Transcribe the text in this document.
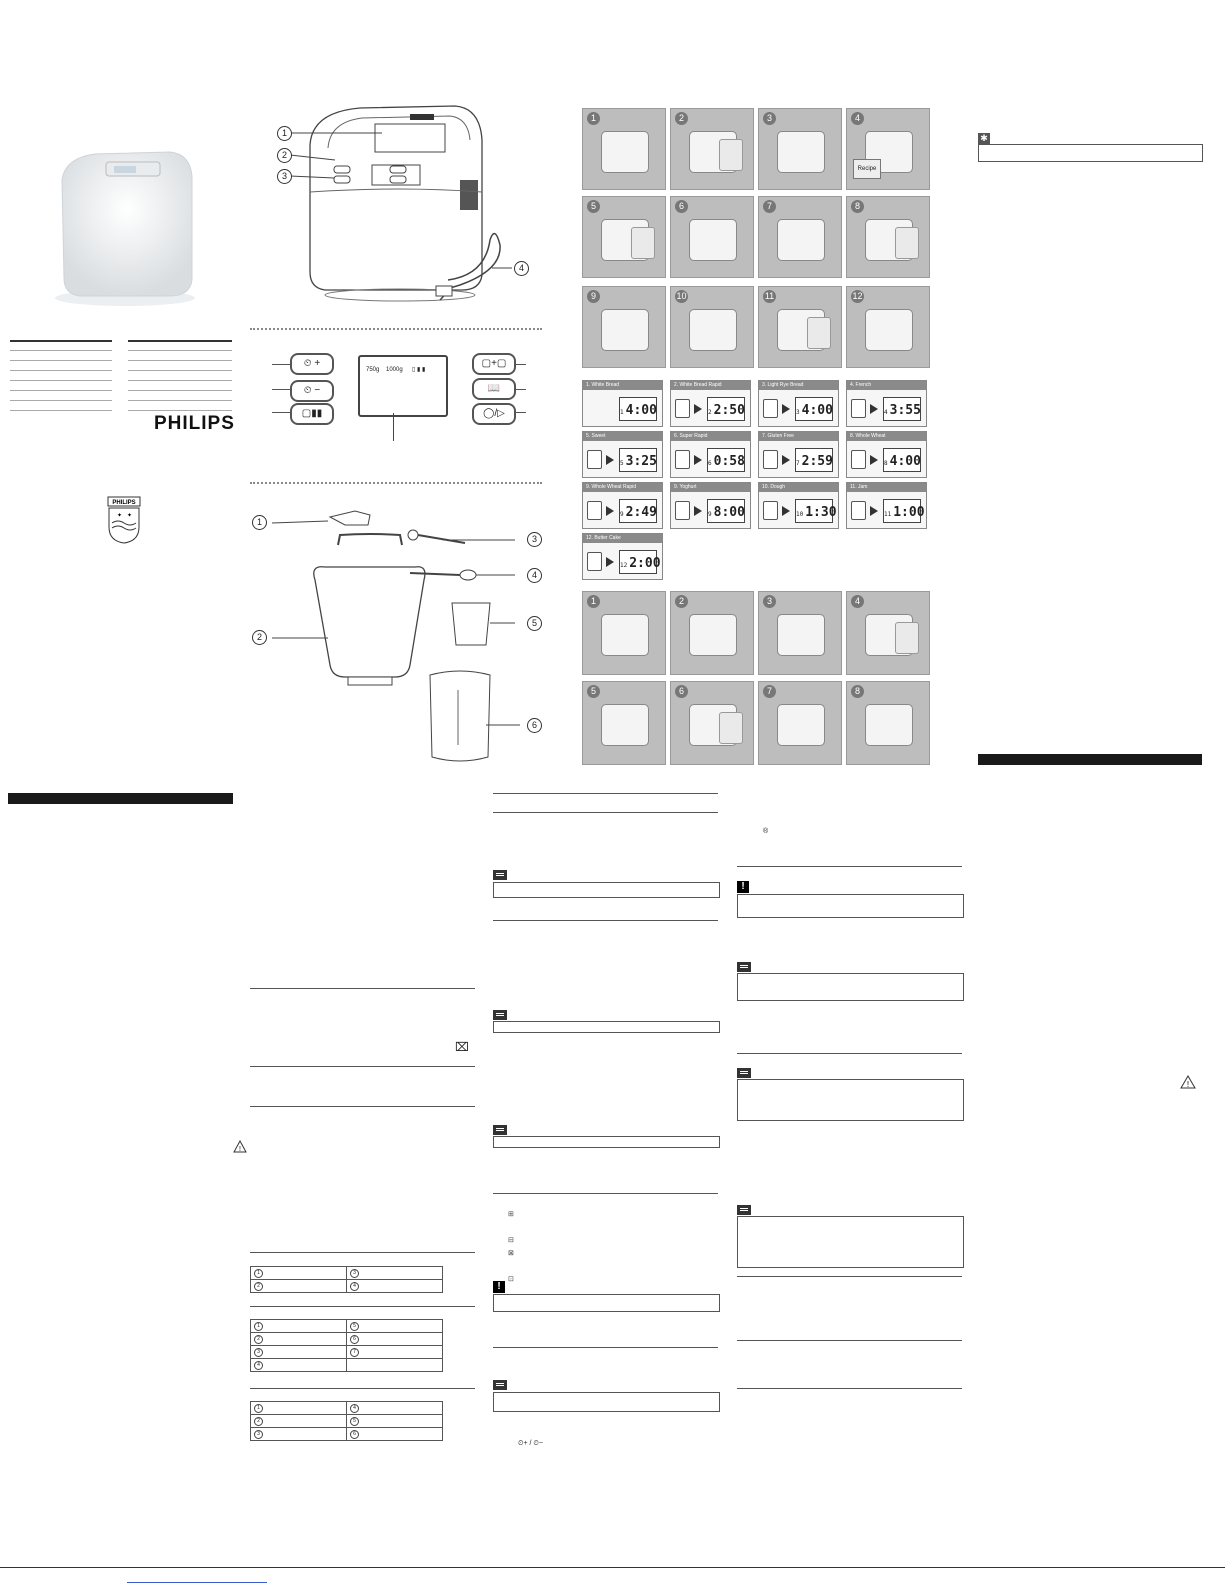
PHILIPS
PHILIPS
✦ ✦
!
1
2
3
4
⏲ +
⏲ −
▢▮▮
750g 1000g ▯ ▮ ▮
▢+▢
📖
◯/▷
1
2
3
4
5
6
⌧
1	3
2	4
1	5
2	6
3	7
4	
1	4
2	5
3	6
1	2	3	4
Recipe
5	6	7	8
9	10	11	12
1. White Bread
1 4:00
2. White Bread Rapid
2 2:50
3. Light Rye Bread
3 4:00
4. French
4 3:55
5. Sweet
5 3:25
6. Super Rapid
6 0:58
7. Gluten Free
7 2:59
8. Whole Wheat
8 4:00
9. Whole Wheat Rapid
9 2:49
9. Yoghurt
9 8:00
10. Dough
10 1:30
11. Jam
11 1:00
12. Butter Cake
12 2:00
1	2	3	4
5	6	7	8
⊞

⊟
⊠

⊡
!
⏲+ / ⏲−
®
!
✱
!
